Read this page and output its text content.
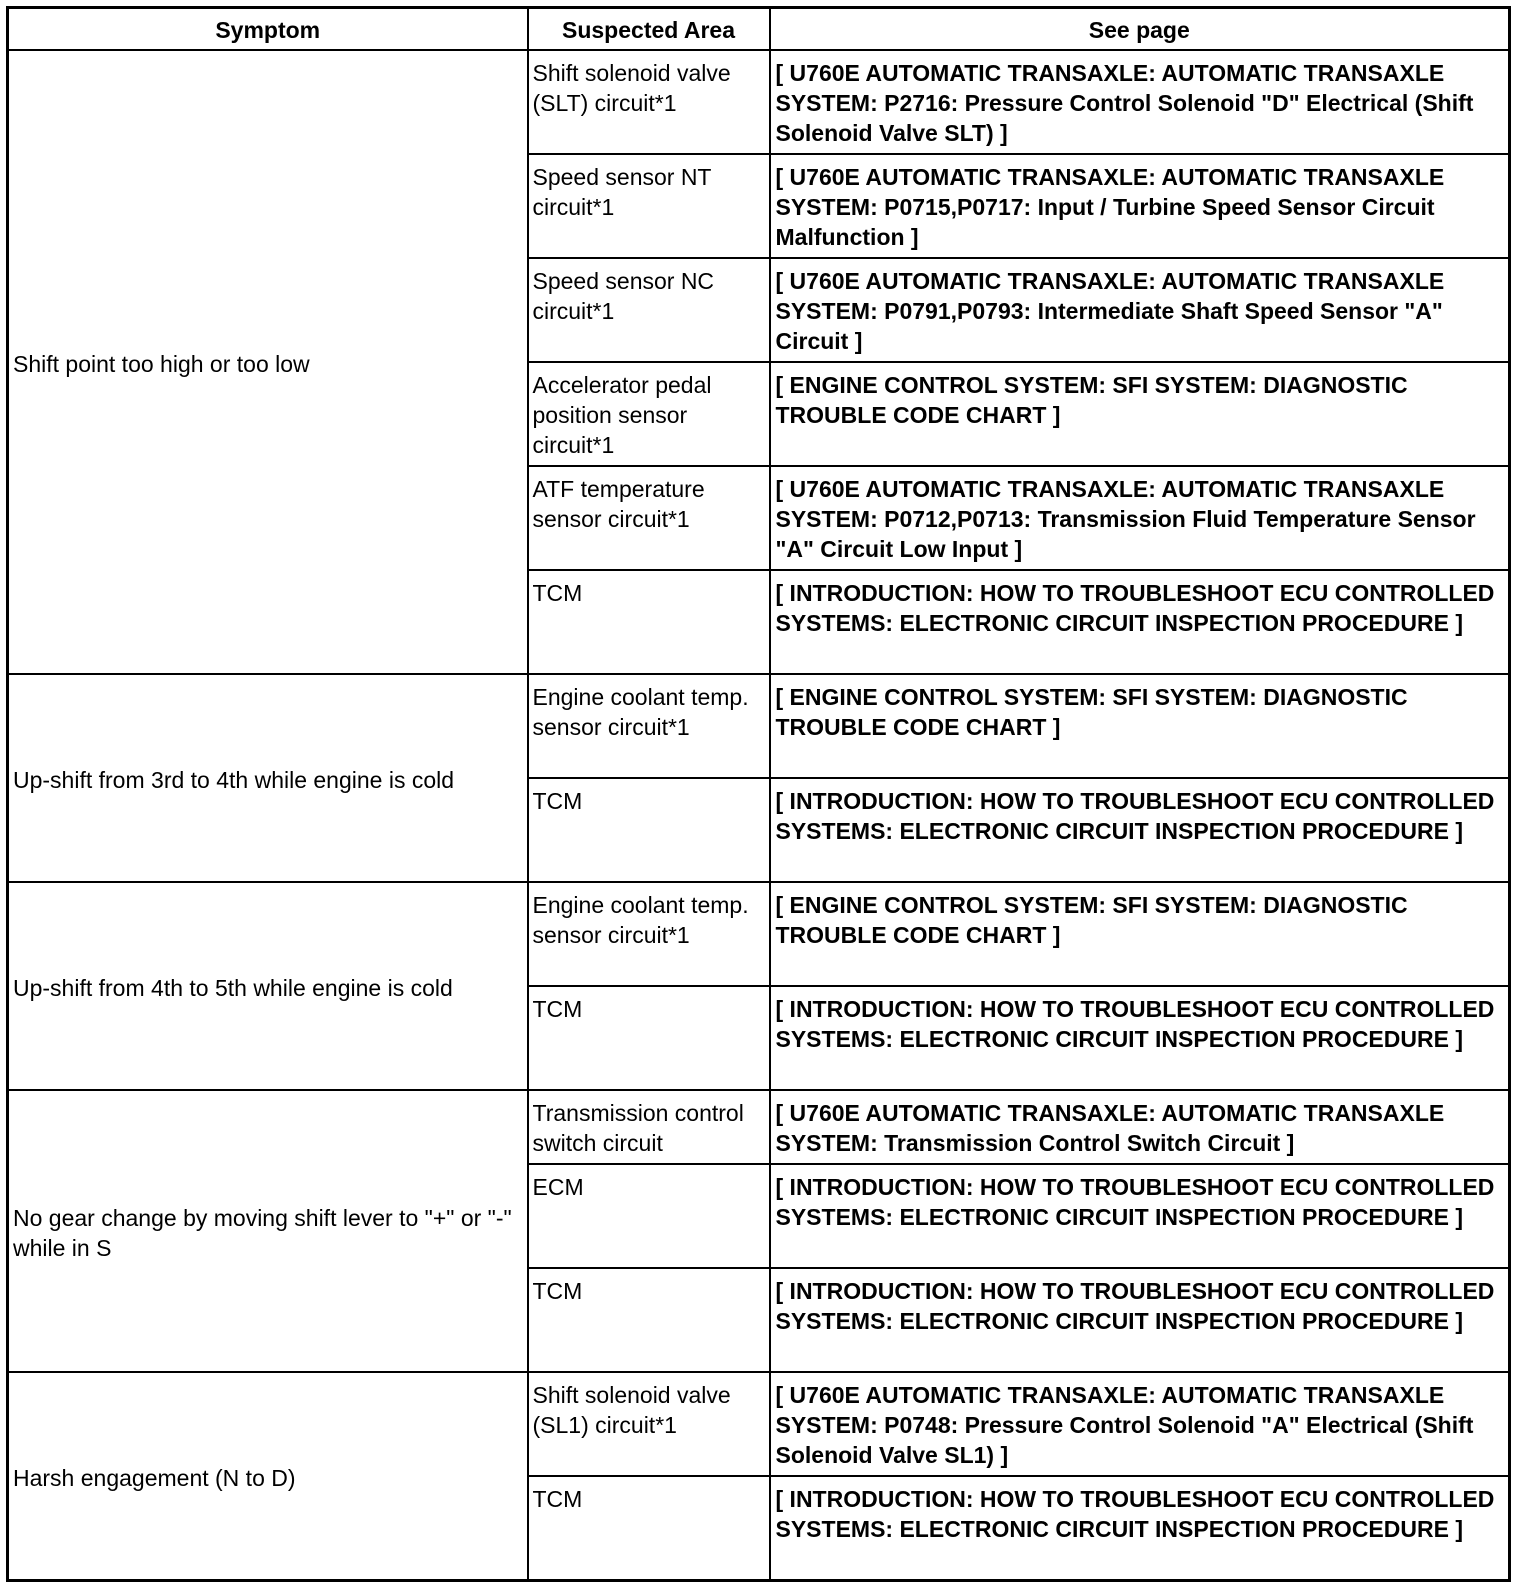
Symptom	Suspected Area	See page
Shift point too high or too low	Shift solenoid valve (SLT) circuit*1	[ U760E AUTOMATIC TRANSAXLE: AUTOMATIC TRANSAXLE SYSTEM: P2716: Pressure Control Solenoid "D" Electrical (Shift Solenoid Valve SLT) ]
	Speed sensor NT circuit*1	[ U760E AUTOMATIC TRANSAXLE: AUTOMATIC TRANSAXLE SYSTEM: P0715,P0717: Input / Turbine Speed Sensor Circuit Malfunction ]
	Speed sensor NC circuit*1	[ U760E AUTOMATIC TRANSAXLE: AUTOMATIC TRANSAXLE SYSTEM: P0791,P0793: Intermediate Shaft Speed Sensor "A" Circuit ]
	Accelerator pedal position sensor circuit*1	[ ENGINE CONTROL SYSTEM: SFI SYSTEM: DIAGNOSTIC TROUBLE CODE CHART ]
	ATF temperature sensor circuit*1	[ U760E AUTOMATIC TRANSAXLE: AUTOMATIC TRANSAXLE SYSTEM: P0712,P0713: Transmission Fluid Temperature Sensor "A" Circuit Low Input ]
	TCM	[ INTRODUCTION: HOW TO TROUBLESHOOT ECU CONTROLLED SYSTEMS: ELECTRONIC CIRCUIT INSPECTION PROCEDURE ]
Up-shift from 3rd to 4th while engine is cold	Engine coolant temp. sensor circuit*1	[ ENGINE CONTROL SYSTEM: SFI SYSTEM: DIAGNOSTIC TROUBLE CODE CHART ]
	TCM	[ INTRODUCTION: HOW TO TROUBLESHOOT ECU CONTROLLED SYSTEMS: ELECTRONIC CIRCUIT INSPECTION PROCEDURE ]
Up-shift from 4th to 5th while engine is cold	Engine coolant temp. sensor circuit*1	[ ENGINE CONTROL SYSTEM: SFI SYSTEM: DIAGNOSTIC TROUBLE CODE CHART ]
	TCM	[ INTRODUCTION: HOW TO TROUBLESHOOT ECU CONTROLLED SYSTEMS: ELECTRONIC CIRCUIT INSPECTION PROCEDURE ]
No gear change by moving shift lever to "+" or "-" while in S	Transmission control switch circuit	[ U760E AUTOMATIC TRANSAXLE: AUTOMATIC TRANSAXLE SYSTEM: Transmission Control Switch Circuit ]
	ECM	[ INTRODUCTION: HOW TO TROUBLESHOOT ECU CONTROLLED SYSTEMS: ELECTRONIC CIRCUIT INSPECTION PROCEDURE ]
	TCM	[ INTRODUCTION: HOW TO TROUBLESHOOT ECU CONTROLLED SYSTEMS: ELECTRONIC CIRCUIT INSPECTION PROCEDURE ]
Harsh engagement (N to D)	Shift solenoid valve (SL1) circuit*1	[ U760E AUTOMATIC TRANSAXLE: AUTOMATIC TRANSAXLE SYSTEM: P0748: Pressure Control Solenoid "A" Electrical (Shift Solenoid Valve SL1) ]
	TCM	[ INTRODUCTION: HOW TO TROUBLESHOOT ECU CONTROLLED SYSTEMS: ELECTRONIC CIRCUIT INSPECTION PROCEDURE ]
